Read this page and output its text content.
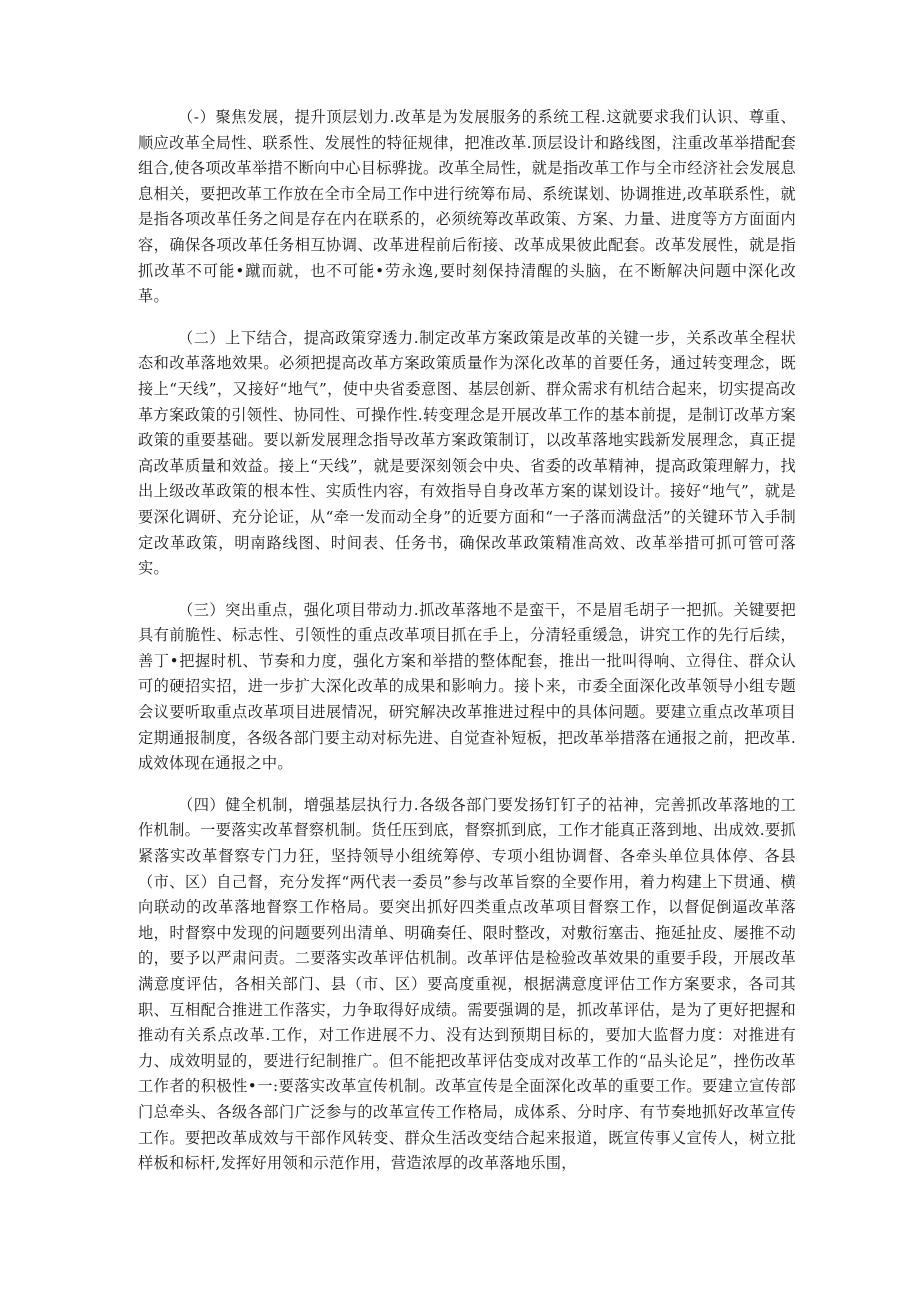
（-）聚焦发展，提升顶层划力.改革是为发展服务的系统工程.这就要求我们认识、尊重、顺应改革全局性、联系性、发展性的特征规律，把准改革.顶层设计和路线图，注重改革举措配套组合,使各项改革举措不断向中心目标骅拢。改革全局性，就是指改革工作与全市经济社会发展息息相关，要把改革工作放在全市全局工作中进行统筹布局、系统谋划、协调推进,改革联系性，就是指各项改革任务之间是存在内在联系的，必须统筹改革政策、方案、力量、进度等方方面面内容，确保各项改革任务相互协调、改革进程前后衔接、改革成果彼此配套。改革发展性，就是指抓改革不可能•蹴而就，也不可能•劳永逸,要时刻保持清醒的头脑，在不断解决问题中深化改革。

（二）上下结合，提高政策穿透力.制定改革方案政策是改革的关键一步，关系改革全程状态和改革落地效果。必须把提高改革方案政策质量作为深化改革的首要任务，通过转变理念，既接上“天线”，又接好“地气”，使中央省委意图、基层创新、群众需求有机结合起来，切实提高改革方案政策的引领性、协同性、可操作性.转变理念是开展改革工作的基本前提，是制订改革方案政策的重要基础。要以新发展理念指导改革方案政策制订，以改革落地实践新发展理念，真正提高改革质量和效益。接上“天线”，就是要深刻领会中央、省委的改革精神，提高政策理解力，找出上级改革政策的根本性、实质性内容，有效指导自身改革方案的谋划设计。接好“地气”，就是要深化调研、充分论证，从“牵一发而动全身”的近要方面和“一子落而满盘活”的关键环节入手制定改革政策，明南路线图、时间表、任务书，确保改革政策精准高效、改革举措可抓可管可落实。

（三）突出重点，强化项目带动力.抓改革落地不是蛮干，不是眉毛胡子一把抓。关键要把具有前脆性、标志性、引领性的重点改革项目抓在手上，分清轻重缓急，讲究工作的先行后续，善丁•把握时机、节奏和力度，强化方案和举措的整体配套，推出一批叫得响、立得住、群众认可的硬招实招，进一步扩大深化改革的成果和影响力。接卜来，市委全面深化改革领导小组专题会议要听取重点改革项目进展情况，研究解决改革推进过程中的具体问题。要建立重点改革项目定期通报制度，各级各部门要主动对标先进、自觉查补短板，把改革举措落在通报之前，把改革.成效体现在通报之中。

（四）健全机制，增强基层执行力.各级各部门要发扬钉钉子的祜神，完善抓改革落地的工作机制。一要落实改革督察机制。货任压到底，督察抓到底，工作才能真正落到地、出成效.要抓紧落实改革督察专门力狂，坚持领导小组统筹停、专项小组协调督、各牵头单位具体停、各县（市、区）自己督，充分发挥“两代表一委员”参与改革旨察的全要作用，着力构建上下贯通、横向联动的改革落地督察工作格局。要突出抓好四类重点改革项目督察工作，以督促倒逼改革落地，时督察中发现的问题要列出清单、明确奏任、限时整改，对敷衍塞击、拖延扯皮、屡推不动的，要予以严肃问责。二要落实改革评估机制。改革评估是检验改革效果的重要手段，开展改革满意度评估，各相关部门、县（市、区）要高度重视，根据满意度评估工作方案要求，各司其职、互相配合推进工作落实，力争取得好成绩。需要强调的是，抓改革评估，是为了更好把握和推动有关系点改革.工作，对工作进展不力、没有达到预期目标的，要加大监督力度：对推进有力、成效明显的，要进行纪制推广。但不能把改革评估变成对改革工作的“品头论足”，挫伤改革工作者的积极性•一:要落实改革宣传机制。改革宣传是全面深化改革的重要工作。要建立宣传部门总牵头、各级各部门广泛参与的改革宣传工作格局，成体系、分时序、有节奏地抓好改革宣传工作。要把改革成效与干部作风转变、群众生活改变结合起来报道，既宣传事乂宣传人，树立批样板和标杆,发挥好用领和示范作用，营造浓厚的改革落地乐围，
